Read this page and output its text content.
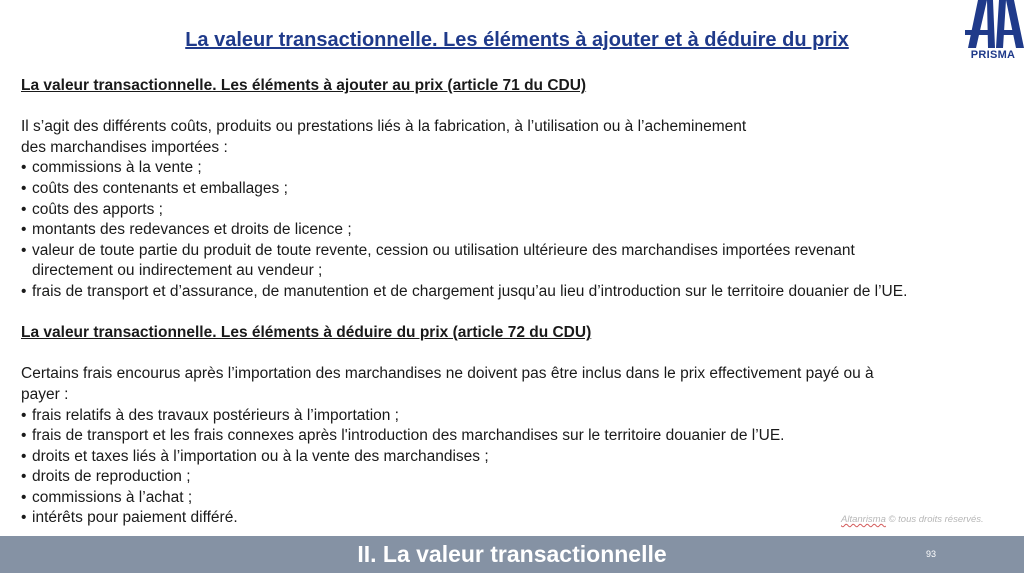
La valeur transactionnelle. Les éléments à ajouter et à déduire du prix
PRISMA
La valeur transactionnelle. Les éléments à ajouter au prix (article 71 du CDU)

Il s’agit des différents coûts, produits ou prestations liés à la fabrication, à l’utilisation ou à l’acheminement

des marchandises importées :

• commissions à la vente ;
• coûts des contenants et emballages ;
• coûts des apports ;
• montants des redevances et droits de licence ;
• valeur de toute partie du produit de toute revente, cession ou utilisation ultérieure des marchandises importées revenant
directement ou indirectement au vendeur ;
• frais de transport et d’assurance, de manutention et de chargement jusqu’au lieu d’introduction sur le territoire douanier de l’UE.
La valeur transactionnelle. Les éléments à déduire du prix (article 72 du CDU)

Certains frais encourus après l’importation des marchandises ne doivent pas être inclus dans le prix effectivement payé ou à

payer :

• frais relatifs à des travaux postérieurs à l’importation ;
• frais de transport et les frais connexes après l'introduction des marchandises sur le territoire douanier de l’UE.
• droits et taxes liés à l’importation ou à la vente des marchandises ;
• droits de reproduction ;
• commissions à l’achat ;
• intérêts pour paiement différé.	Altanrisma © tous droits réservés.
II. La valeur transactionnelle	93
